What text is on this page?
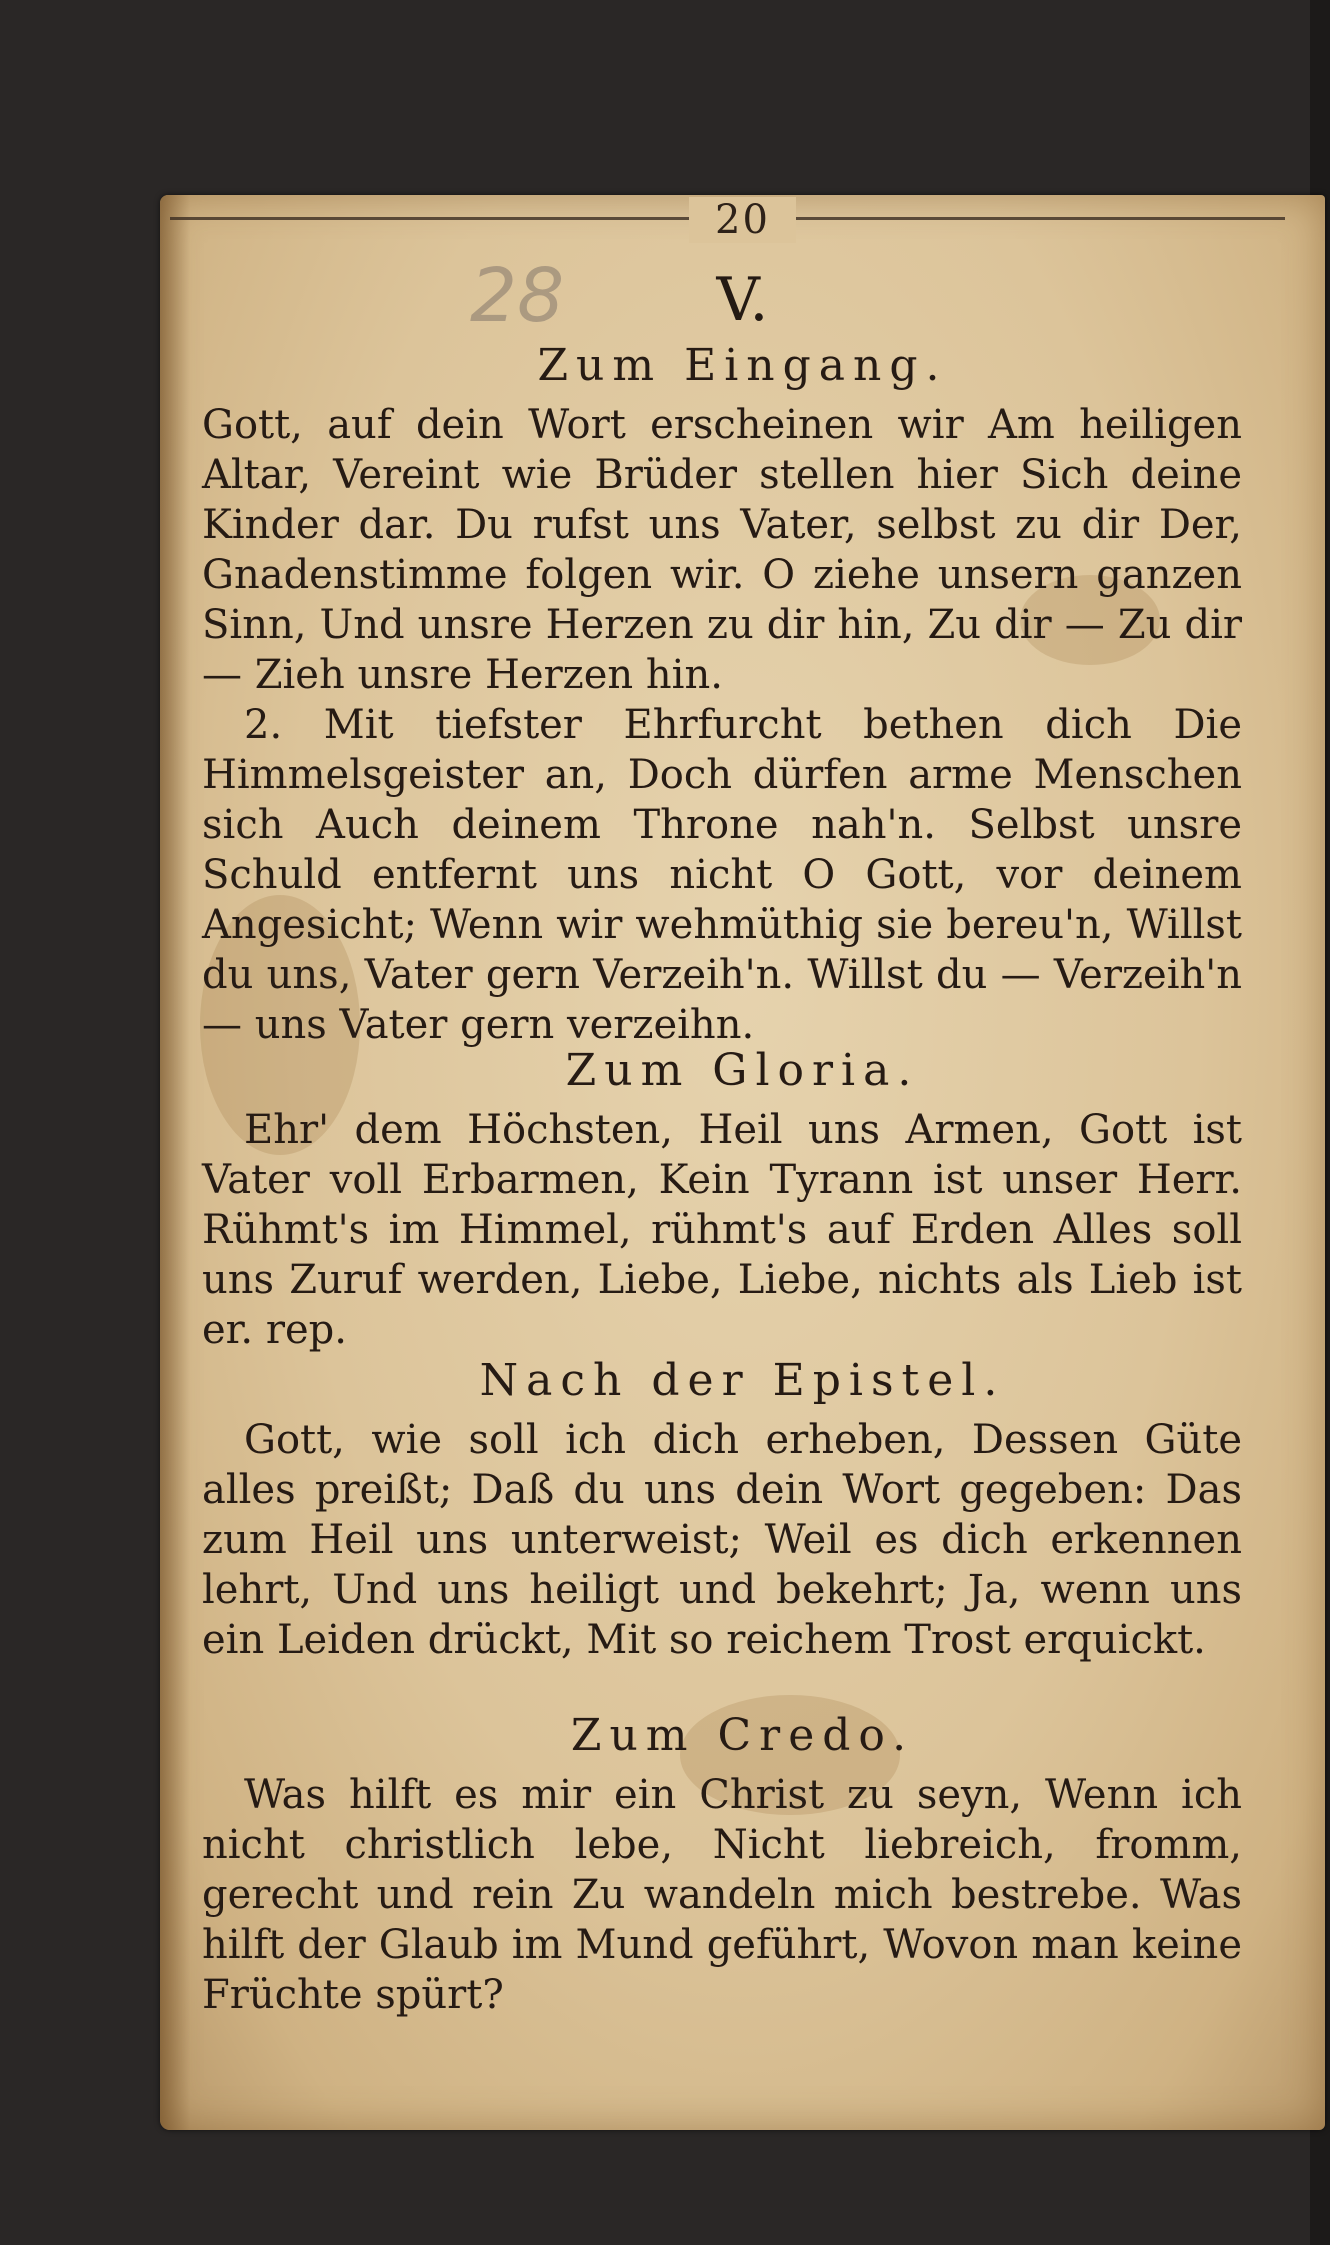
20
28	V.
Zum Eingang.

Gott, auf dein Wort erscheinen wir Am heiligen Altar, Vereint wie Brüder stellen hier Sich deine Kinder dar. Du rufst uns Vater, selbst zu dir Der, Gnadenstimme folgen wir. O ziehe unsern ganzen Sinn, Und unsre Herzen zu dir hin, Zu dir — Zu dir — Zieh unsre Herzen hin.

2. Mit tiefster Ehrfurcht bethen dich Die Himmelsgeister an, Doch dürfen arme Menschen sich Auch deinem Throne nah'n. Selbst unsre Schuld entfernt uns nicht O Gott, vor deinem Angesicht; Wenn wir wehmüthig sie bereu'n, Willst du uns, Vater gern Verzeih'n. Willst du — Verzeih'n — uns Vater gern verzeihn.

Zum Gloria.

Ehr' dem Höchsten, Heil uns Armen, Gott ist Vater voll Erbarmen, Kein Tyrann ist unser Herr. Rühmt's im Himmel, rühmt's auf Erden Alles soll uns Zuruf werden, Liebe, Liebe, nichts als Lieb ist er. rep.

Nach der Epistel.

Gott, wie soll ich dich erheben, Dessen Güte alles preißt; Daß du uns dein Wort gegeben: Das zum Heil uns unterweist; Weil es dich erkennen lehrt, Und uns heiligt und bekehrt; Ja, wenn uns ein Leiden drückt, Mit so reichem Trost erquickt.

Zum Credo.

Was hilft es mir ein Christ zu seyn, Wenn ich nicht christlich lebe, Nicht liebreich, fromm, gerecht und rein Zu wandeln mich bestrebe. Was hilft der Glaub im Mund geführt, Wovon man keine Früchte spürt?
